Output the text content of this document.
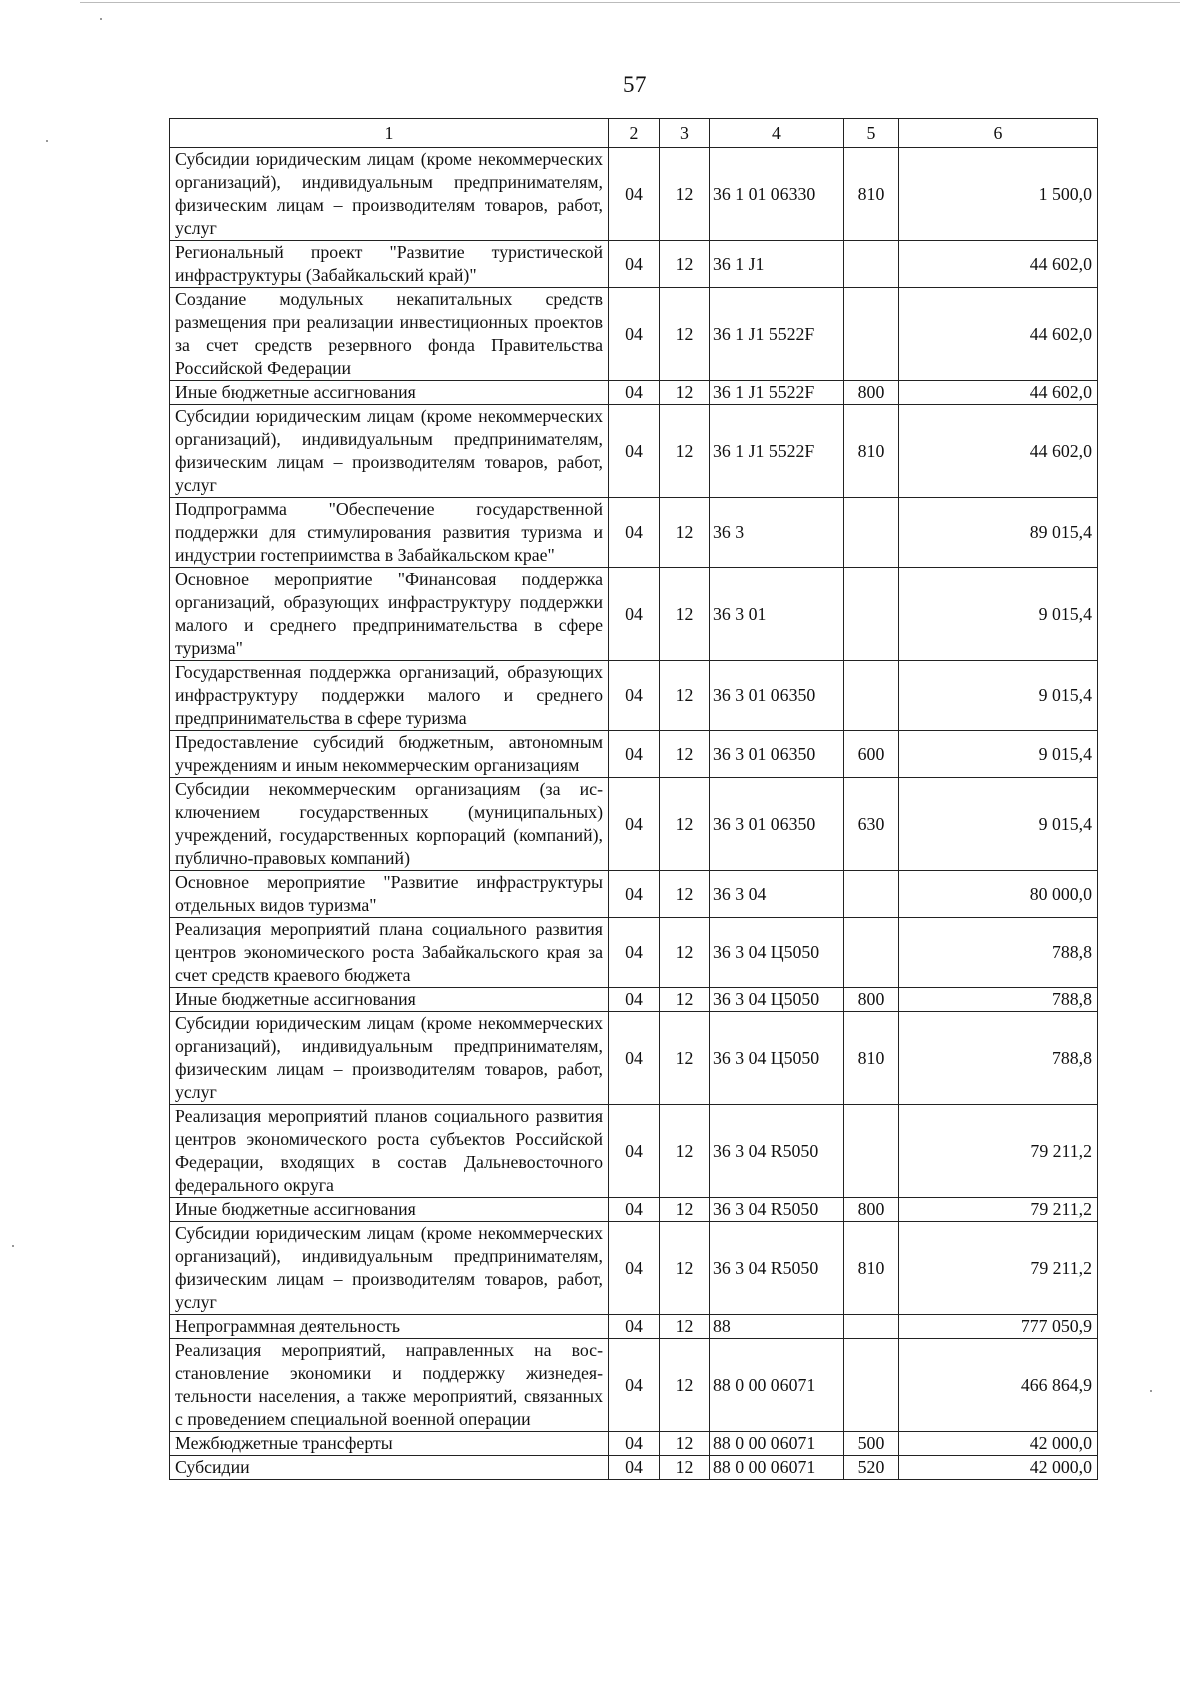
57
1	2	3	4	5	6
Субсидии юридическим лицам (кроме некоммерческих организаций), индивидуальным предпринимателям, физическим лицам – производителям товаров, работ, услуг	04	12	36 1 01 06330	810	1 500,0
Региональный проект "Развитие туристической инфраструктуры (Забайкальский край)"	04	12	36 1 J1		44 602,0
Создание модульных некапитальных средств размещения при реализации инвестиционных проектов за счет средств резервного фонда Правительства Российской Федерации	04	12	36 1 J1 5522F		44 602,0
Иные бюджетные ассигнования	04	12	36 1 J1 5522F	800	44 602,0
Субсидии юридическим лицам (кроме некоммерческих организаций), индивидуальным предпринимателям, физическим лицам – производителям товаров, работ, услуг	04	12	36 1 J1 5522F	810	44 602,0
Подпрограмма "Обеспечение государственной поддержки для стимулирования развития туризма и индустрии гостеприимства в Забайкальском крае"	04	12	36 3		89 015,4
Основное мероприятие "Финансовая поддержка организаций, образующих инфраструктуру поддержки малого и среднего предпринимательства в сфере туризма"	04	12	36 3 01		9 015,4
Государственная поддержка организаций, образующих инфраструктуру поддержки малого и среднего предпринимательства в сфере туризма	04	12	36 3 01 06350		9 015,4
Предоставление субсидий бюджетным, автономным учреждениям и иным некоммерческим организациям	04	12	36 3 01 06350	600	9 015,4
Субсидии некоммерческим организациям (за исключением государственных (муниципальных) учреждений, государственных корпораций (компаний), публично-правовых компаний)	04	12	36 3 01 06350	630	9 015,4
Основное мероприятие "Развитие инфраструктуры отдельных видов туризма"	04	12	36 3 04		80 000,0
Реализация мероприятий плана социального развития центров экономического роста Забайкальского края за счет средств краевого бюджета	04	12	36 3 04 Ц5050		788,8
Иные бюджетные ассигнования	04	12	36 3 04 Ц5050	800	788,8
Субсидии юридическим лицам (кроме некоммерческих организаций), индивидуальным предпринимателям, физическим лицам – производителям товаров, работ, услуг	04	12	36 3 04 Ц5050	810	788,8
Реализация мероприятий планов социального развития центров экономического роста субъектов Российской Федерации, входящих в состав Дальневосточного федерального округа	04	12	36 3 04 R5050		79 211,2
Иные бюджетные ассигнования	04	12	36 3 04 R5050	800	79 211,2
Субсидии юридическим лицам (кроме некоммерческих организаций), индивидуальным предпринимателям, физическим лицам – производителям товаров, работ, услуг	04	12	36 3 04 R5050	810	79 211,2
Непрограммная деятельность	04	12	88		777 050,9
Реализация мероприятий, направленных на восстановление экономики и поддержку жизнедеятельности населения, а также мероприятий, связанных с проведением специальной военной операции	04	12	88 0 00 06071		466 864,9
Межбюджетные трансферты	04	12	88 0 00 06071	500	42 000,0
Субсидии	04	12	88 0 00 06071	520	42 000,0
